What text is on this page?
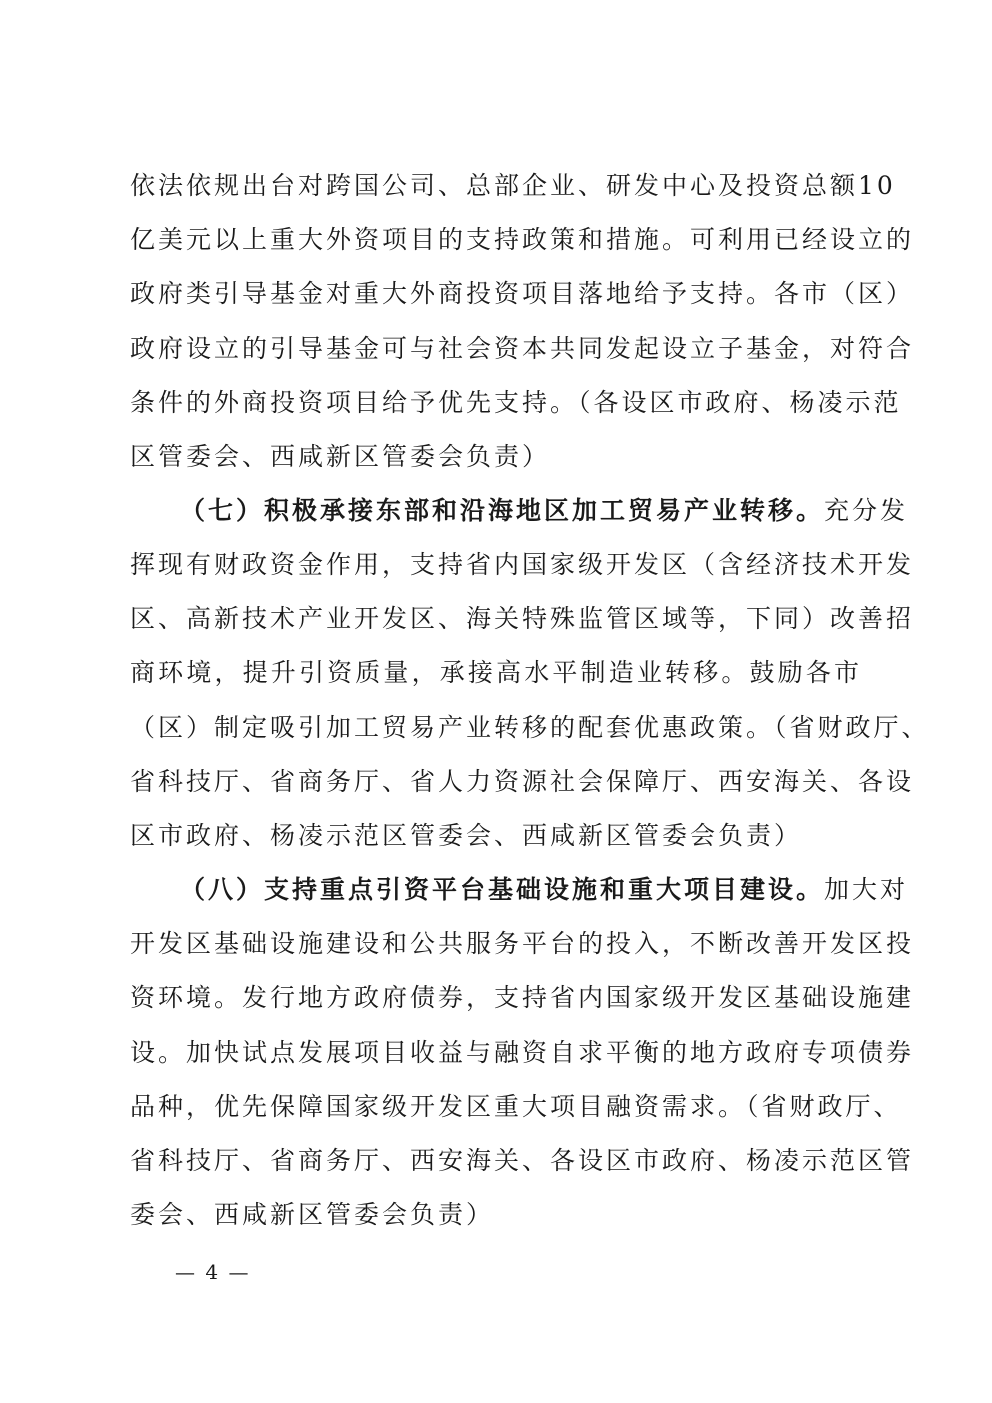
依法依规出台对跨国公司、总部企业、研发中心及投资总额10
亿美元以上重大外资项目的支持政策和措施。可利用已经设立的
政府类引导基金对重大外商投资项目落地给予支持。各市（区）
政府设立的引导基金可与社会资本共同发起设立子基金，对符合
条件的外商投资项目给予优先支持。（各设区市政府、杨凌示范
区管委会、西咸新区管委会负责）
（七）积极承接东部和沿海地区加工贸易产业转移。充分发
挥现有财政资金作用，支持省内国家级开发区（含经济技术开发
区、高新技术产业开发区、海关特殊监管区域等，下同）改善招
商环境，提升引资质量，承接高水平制造业转移。鼓励各市
（区）制定吸引加工贸易产业转移的配套优惠政策。（省财政厅、
省科技厅、省商务厅、省人力资源社会保障厅、西安海关、各设
区市政府、杨凌示范区管委会、西咸新区管委会负责）
（八）支持重点引资平台基础设施和重大项目建设。加大对
开发区基础设施建设和公共服务平台的投入，不断改善开发区投
资环境。发行地方政府债券，支持省内国家级开发区基础设施建
设。加快试点发展项目收益与融资自求平衡的地方政府专项债券
品种，优先保障国家级开发区重大项目融资需求。（省财政厅、
省科技厅、省商务厅、西安海关、各设区市政府、杨凌示范区管
委会、西咸新区管委会负责）
— 4 —
